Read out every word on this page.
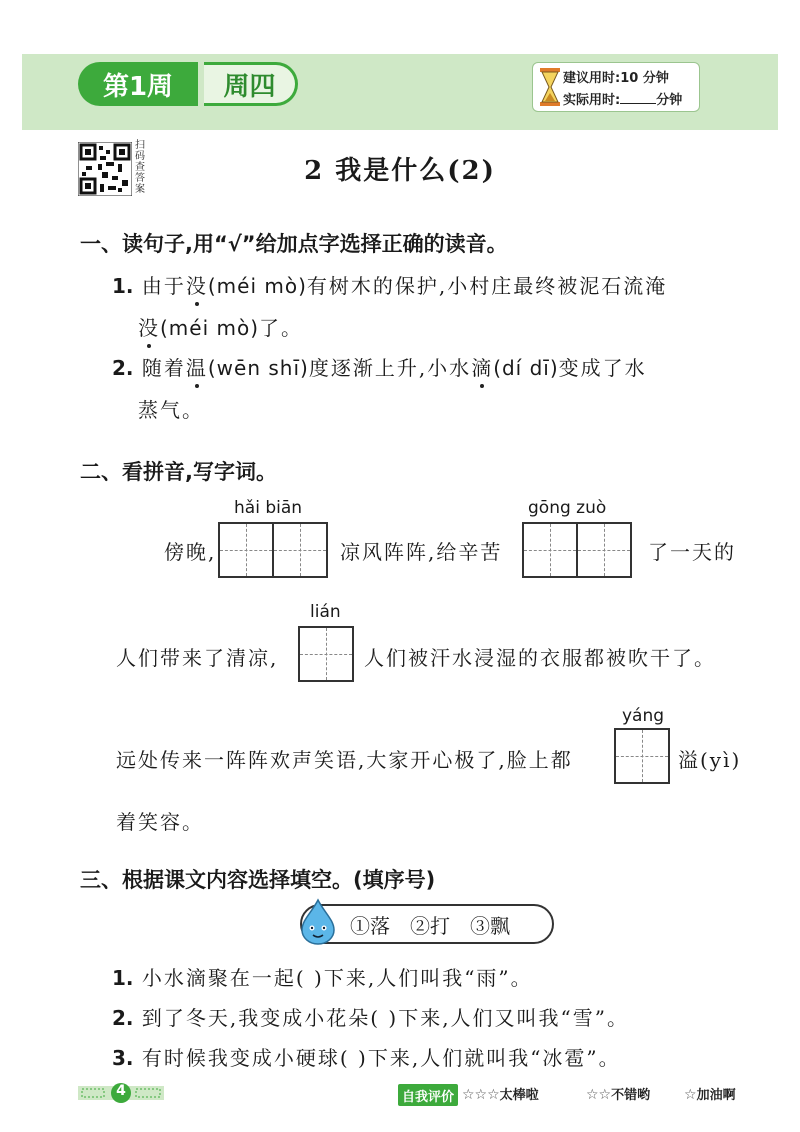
第1周	周四	建议用时:10 分钟
实际用时:	分钟
扫码查答案
2 我是什么(2)
一、读句子,用“√”给加点字选择正确的读音。
1. 由于没(méi mò)有树木的保护,小村庄最终被泥石流淹
没(méi mò)了。
2. 随着温(wēn shī)度逐渐上升,小水滴(dí dī)变成了水
蒸气。
二、看拼音,写字词。
hǎi biān	gōng zuò
傍晚,	凉风阵阵,给辛苦	了一天的
lián
人们带来了清凉,	人们被汗水浸湿的衣服都被吹干了。
yáng
远处传来一阵阵欢声笑语,大家开心极了,脸上都	溢(yì)
着笑容。
三、根据课文内容选择填空。(填序号)
①落 ②打 ③飘
1. 小水滴聚在一起( )下来,人们叫我“雨”。
2. 到了冬天,我变成小花朵( )下来,人们又叫我“雪”。
3. 有时候我变成小硬球( )下来,人们就叫我“冰雹”。
4	自我评价 ☆☆☆太棒啦	☆☆不错哟 ☆加油啊
